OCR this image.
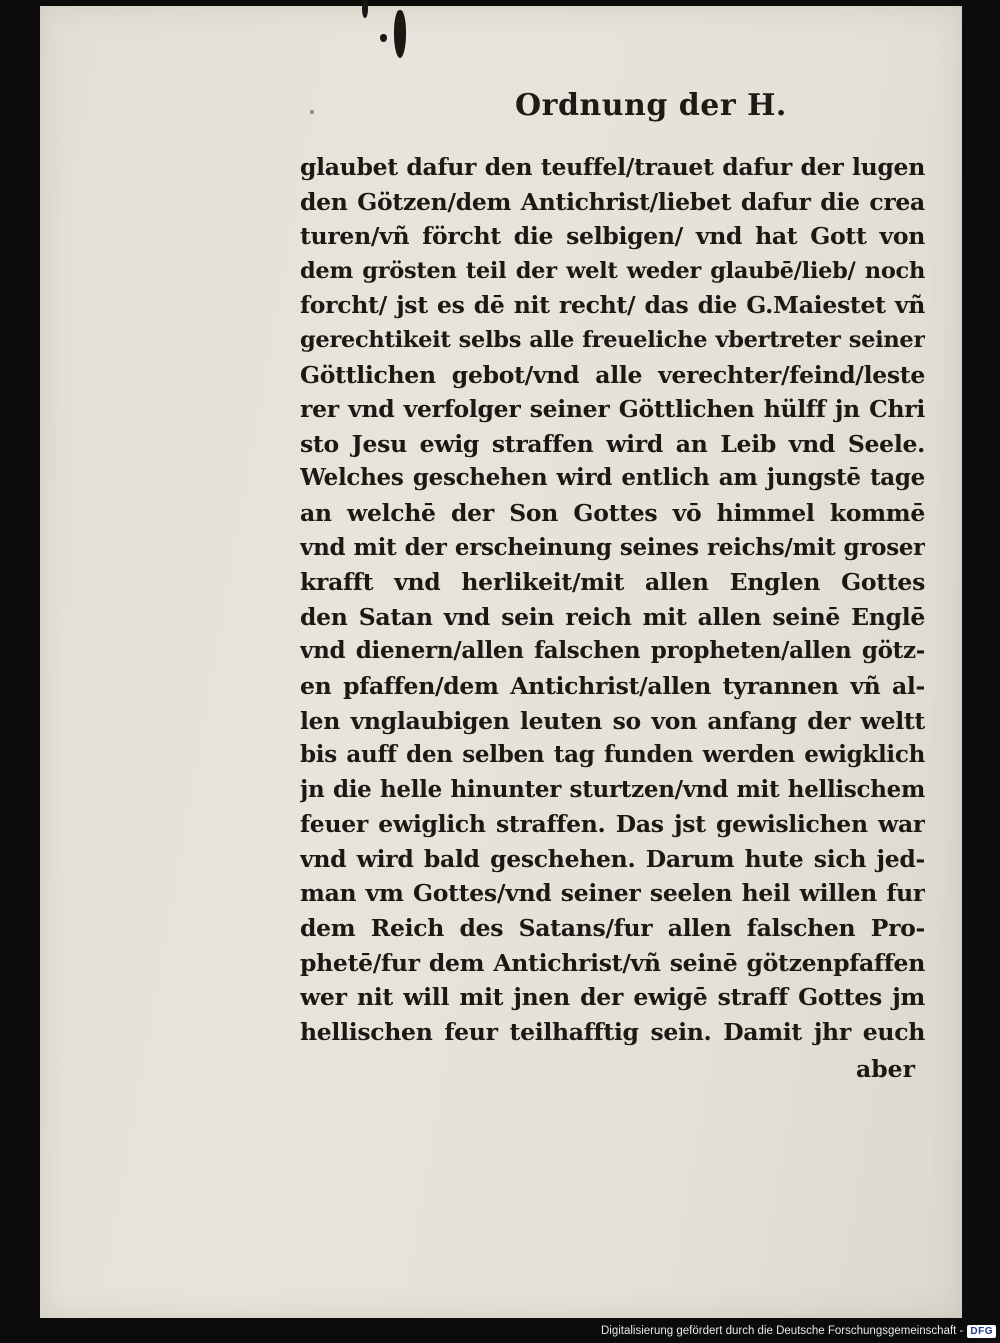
Ordnung der H.
glaubet dafur den teuffel/trauet dafur der lugen
den Götzen/dem Antichrist/liebet dafur die crea
turen/vñ förcht die selbigen/ vnd hat Gott von
dem grösten teil der welt weder glaubē/lieb/ noch
forcht/ jst es dē nit recht/ das die G.Maiestet vñ
gerechtikeit selbs alle freueliche vbertreter seiner
Göttlichen gebot/vnd alle verechter/feind/leste
rer vnd verfolger seiner Göttlichen hülff jn Chri
sto Jesu ewig straffen wird an Leib vnd Seele.
Welches geschehen wird entlich am jungstē tage
an welchē der Son Gottes vō himmel kommē
vnd mit der erscheinung seines reichs/mit groser
krafft vnd herlikeit/mit allen Englen Gottes
den Satan vnd sein reich mit allen seinē Englē
vnd dienern/allen falschen propheten/allen götz-
en pfaffen/dem Antichrist/allen tyrannen vñ al-
len vnglaubigen leuten so von anfang der weltt
bis auff den selben tag funden werden ewigklich
jn die helle hinunter sturtzen/vnd mit hellischem
feuer ewiglich straffen. Das jst gewislichen war
vnd wird bald geschehen. Darum hute sich jed-
man vm Gottes/vnd seiner seelen heil willen fur
dem Reich des Satans/fur allen falschen Pro-
phetē/fur dem Antichrist/vñ seinē götzenpfaffen
wer nit will mit jnen der ewigē straff Gottes jm
hellischen feur teilhafftig sein. Damit jhr euch
aber
Digitalisierung gefördert durch die Deutsche Forschungsgemeinschaft - DFG
